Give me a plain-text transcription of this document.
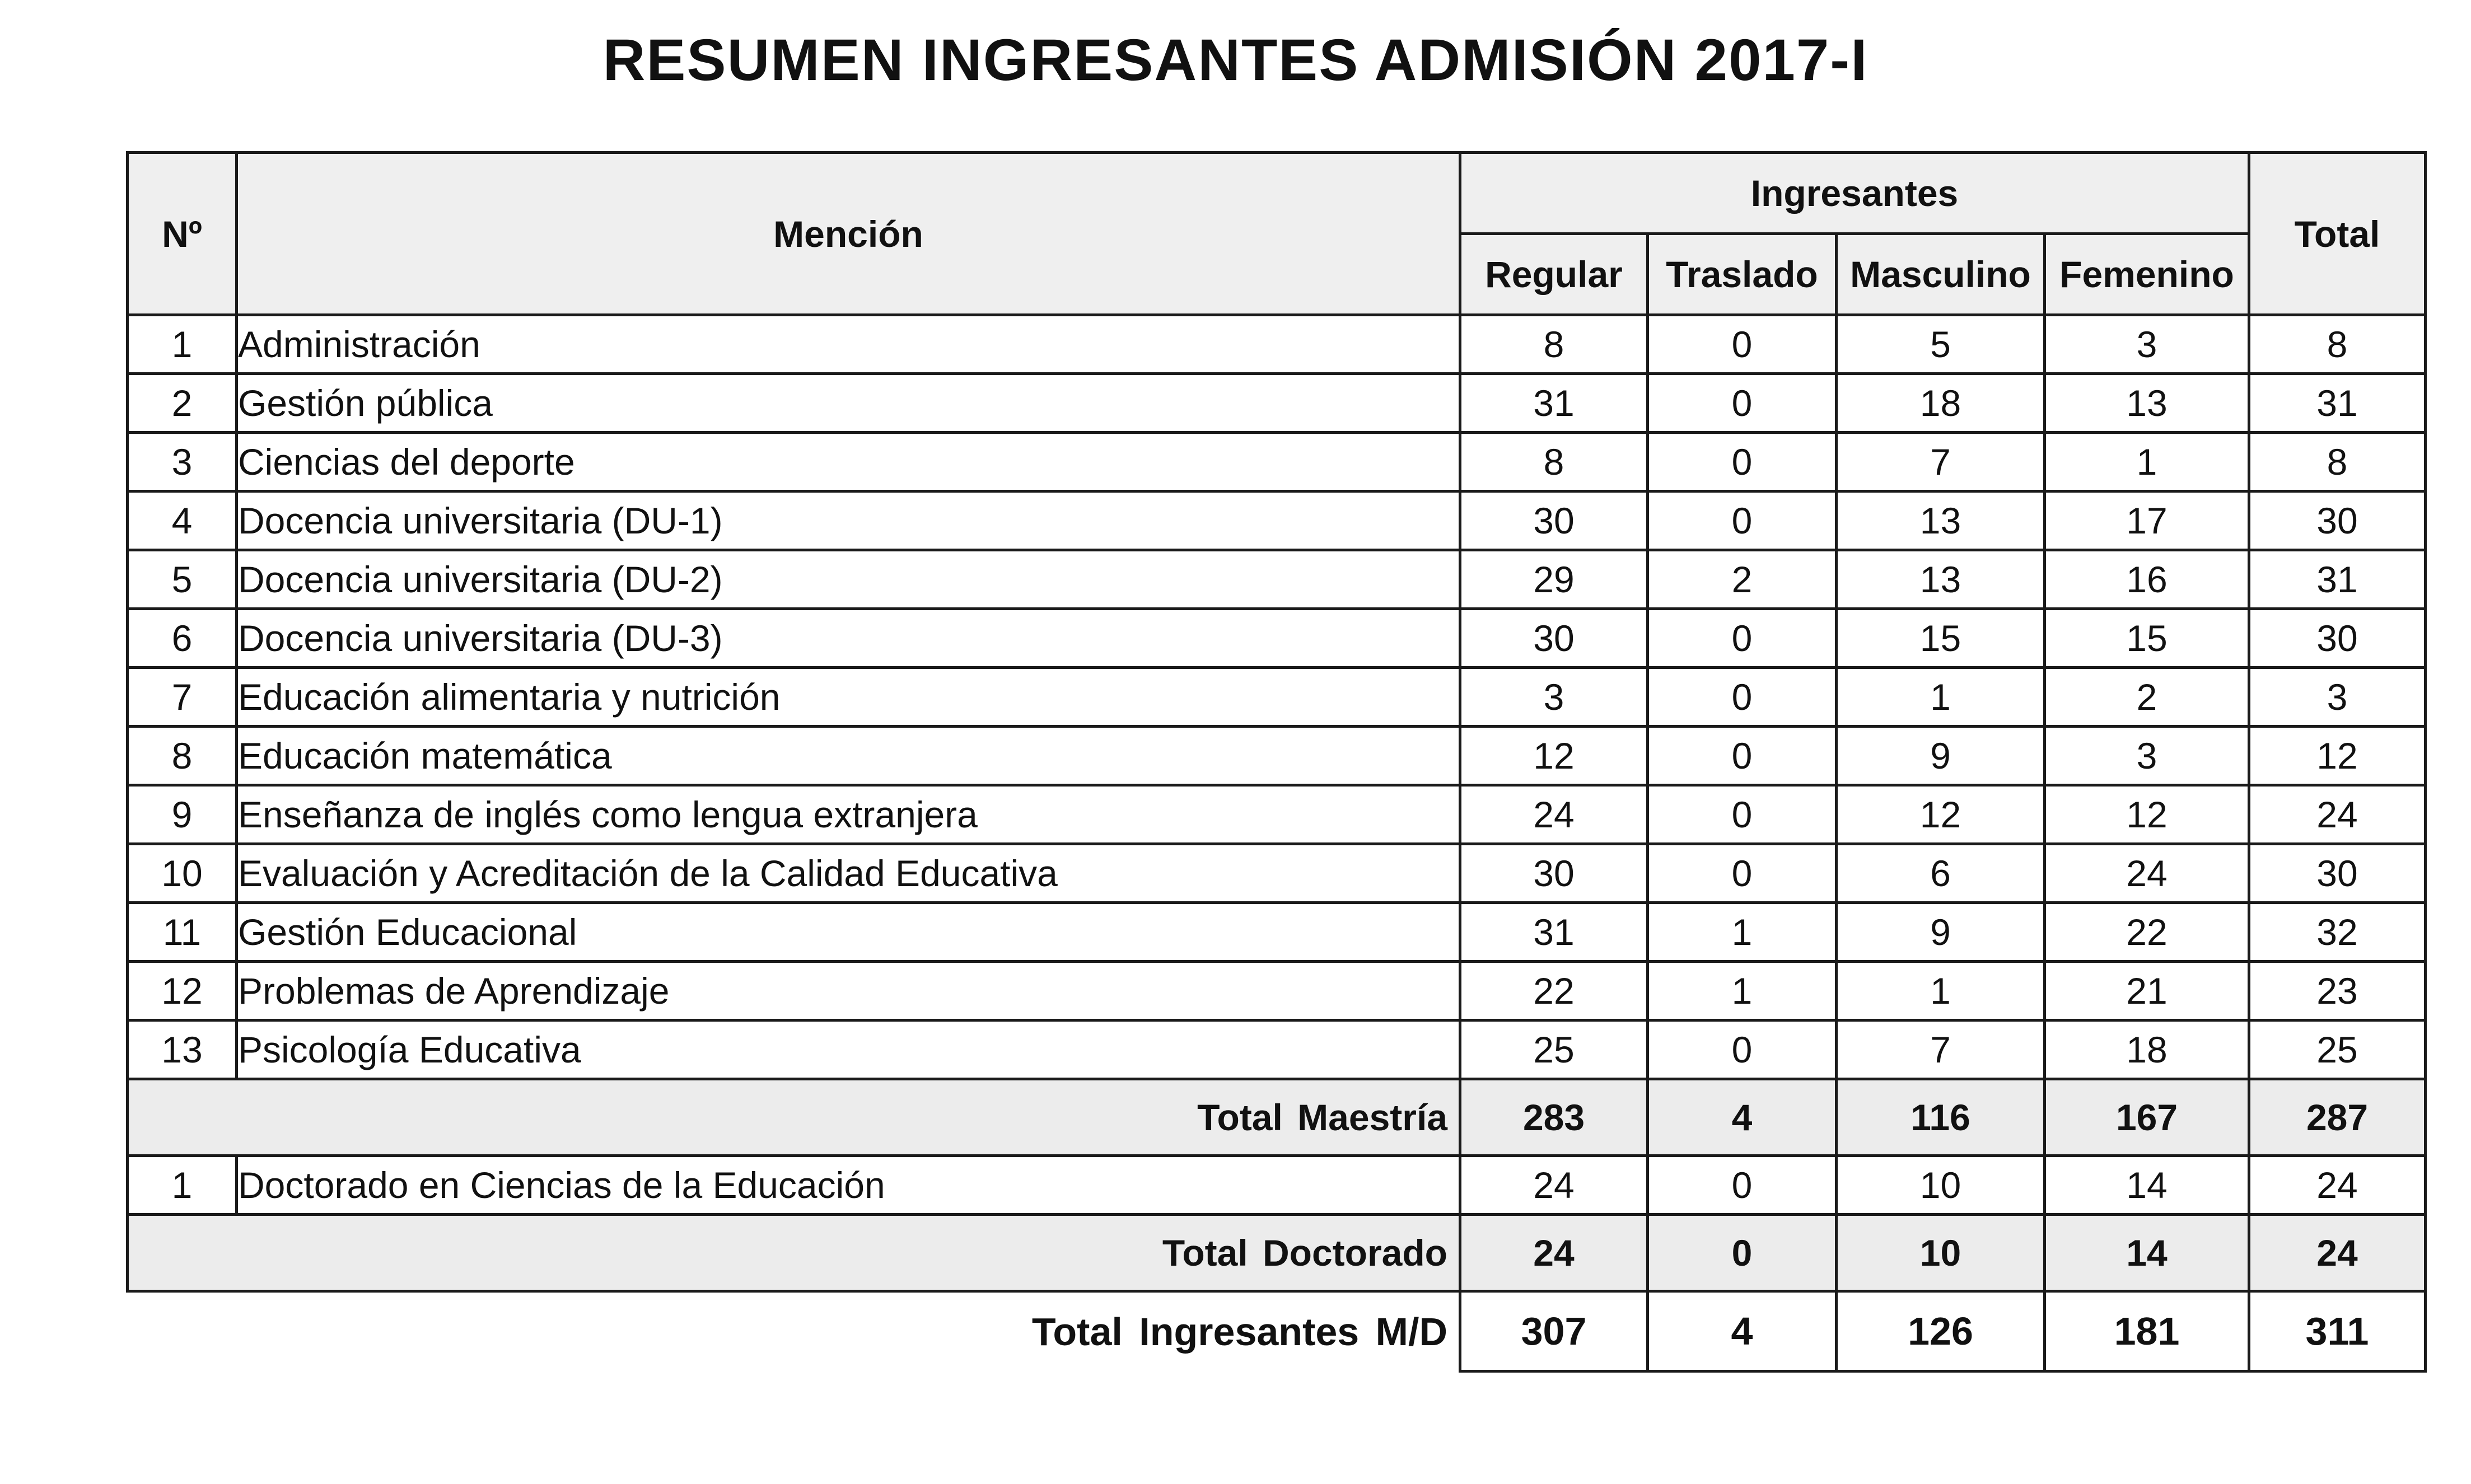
RESUMEN INGRESANTES ADMISIÓN 2017-I
Nº	Mención	Ingresantes				Total
		Regular	Traslado	Masculino	Femenino	
1	Administración	8	0	5	3	8
2	Gestión pública	31	0	18	13	31
3	Ciencias del deporte	8	0	7	1	8
4	Docencia universitaria (DU-1)	30	0	13	17	30
5	Docencia universitaria (DU-2)	29	2	13	16	31
6	Docencia universitaria (DU-3)	30	0	15	15	30
7	Educación alimentaria y nutrición	3	0	1	2	3
8	Educación matemática	12	0	9	3	12
9	Enseñanza de inglés como lengua extranjera	24	0	12	12	24
10	Evaluación y Acreditación de la Calidad Educativa	30	0	6	24	30
11	Gestión Educacional	31	1	9	22	32
12	Problemas de Aprendizaje	22	1	1	21	23
13	Psicología Educativa	25	0	7	18	25
Total Maestría		283	4	116	167	287
1	Doctorado en Ciencias de la Educación	24	0	10	14	24
Total Doctorado		24	0	10	14	24
Total Ingresantes M/D		307	4	126	181	311
